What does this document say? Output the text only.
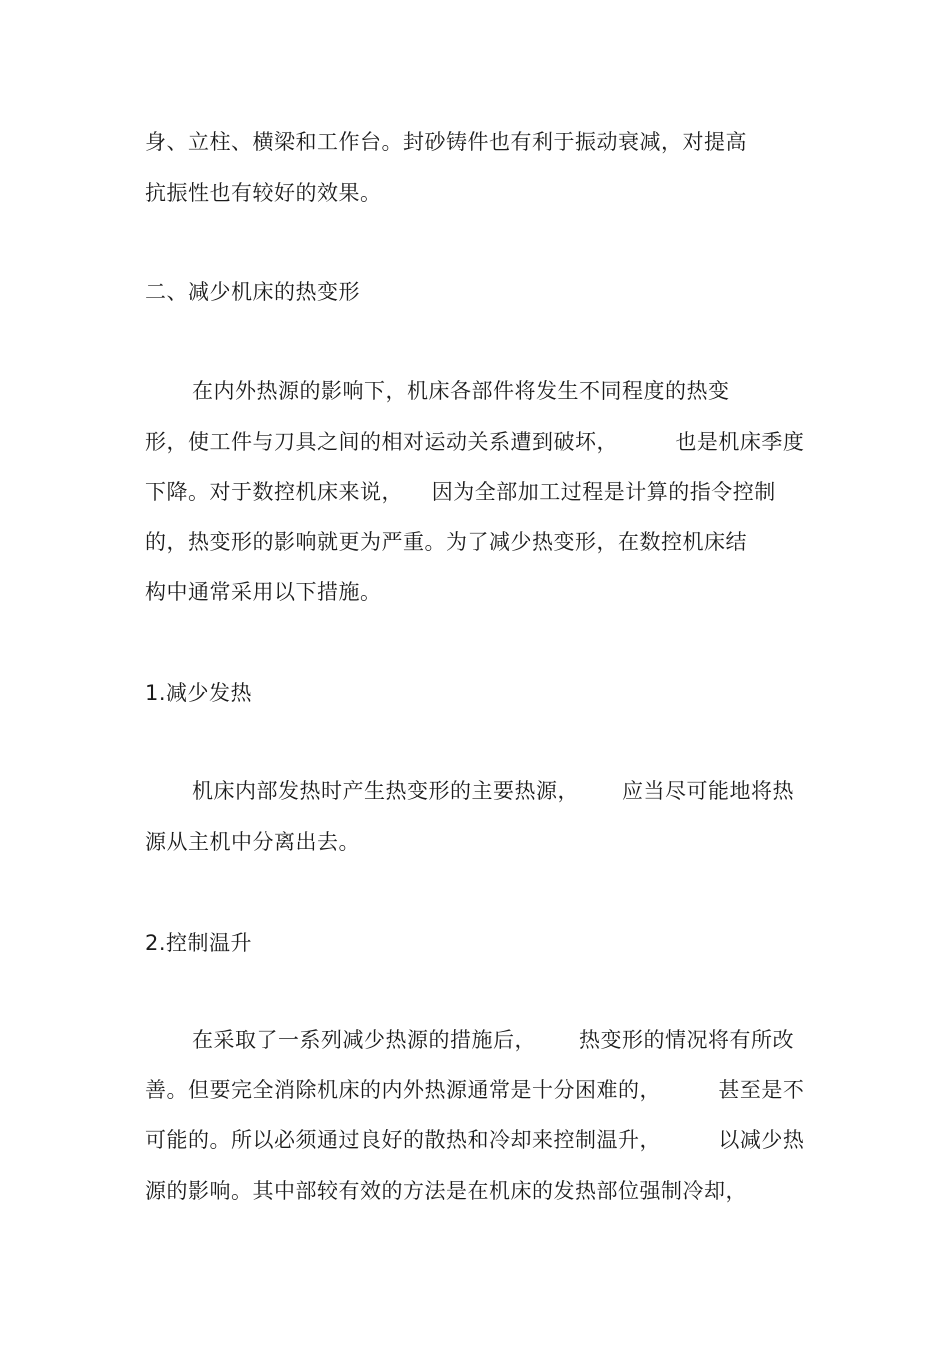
身、立柱、横梁和工作台。封砂铸件也有利于振动衰减，对提高
抗振性也有较好的效果。
二、减少机床的热变形
在内外热源的影响下，机床各部件将发生不同程度的热变
形，使工件与刀具之间的相对运动关系遭到破坏，        也是机床季度
下降。对于数控机床来说，    因为全部加工过程是计算的指令控制
的，热变形的影响就更为严重。为了减少热变形，在数控机床结
构中通常采用以下措施。
1.减少发热
机床内部发热时产生热变形的主要热源，      应当尽可能地将热
源从主机中分离出去。
2.控制温升
在采取了一系列减少热源的措施后，      热变形的情况将有所改
善。但要完全消除机床的内外热源通常是十分困难的，        甚至是不
可能的。所以必须通过良好的散热和冷却来控制温升，        以减少热
源的影响。其中部较有效的方法是在机床的发热部位强制冷却，
